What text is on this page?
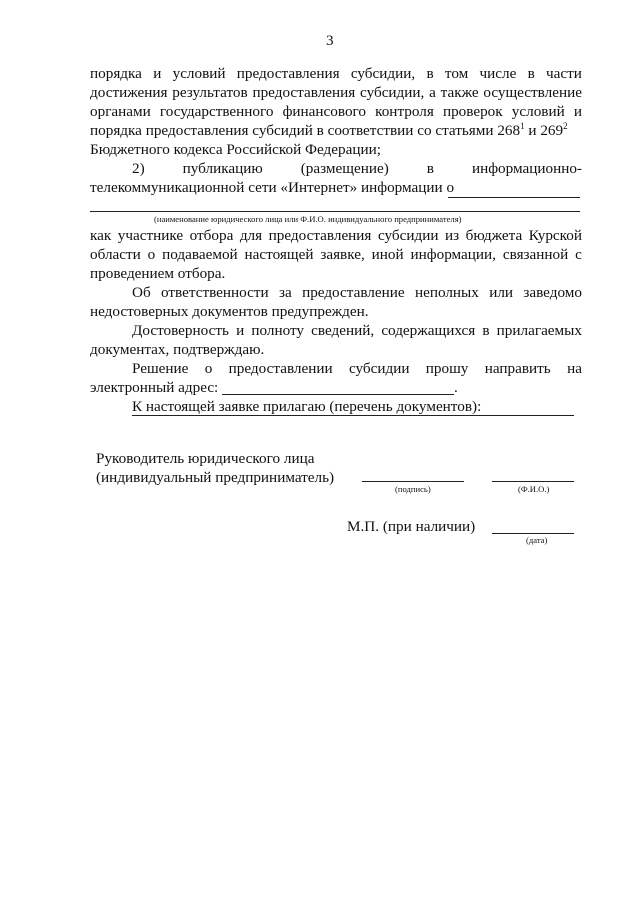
3
порядка и условий предоставления субсидии, в том числе в части
достижения результатов предоставления субсидии, а также осуществление
органами государственного финансового контроля проверок условий и
порядка предоставления субсидий в соответствии со статьями $268^1$ и $269^2$
Бюджетного кодекса Российской Федерации;
2)	публикацию	(размещение)	в	информационно-
телекоммуникационной сети «Интернет» информации о
(наименование юридического лица или Ф.И.О. индивидуального предпринимателя)
как участнике отбора для предоставления субсидии из бюджета Курской
области о подаваемой настоящей заявке, иной информации, связанной с
проведением отбора.
Об ответственности за предоставление неполных или заведомо
недостоверных документов предупрежден.
Достоверность и полноту сведений, содержащихся в прилагаемых
документах, подтверждаю.
Решение о предоставлении субсидии прошу направить на
электронный адрес:	.
К настоящей заявке прилагаю (перечень документов):
Руководитель юридического лица
(индивидуальный предприниматель)
(подпись)	(Ф.И.О.)
М.П. (при наличии)
(дата)
